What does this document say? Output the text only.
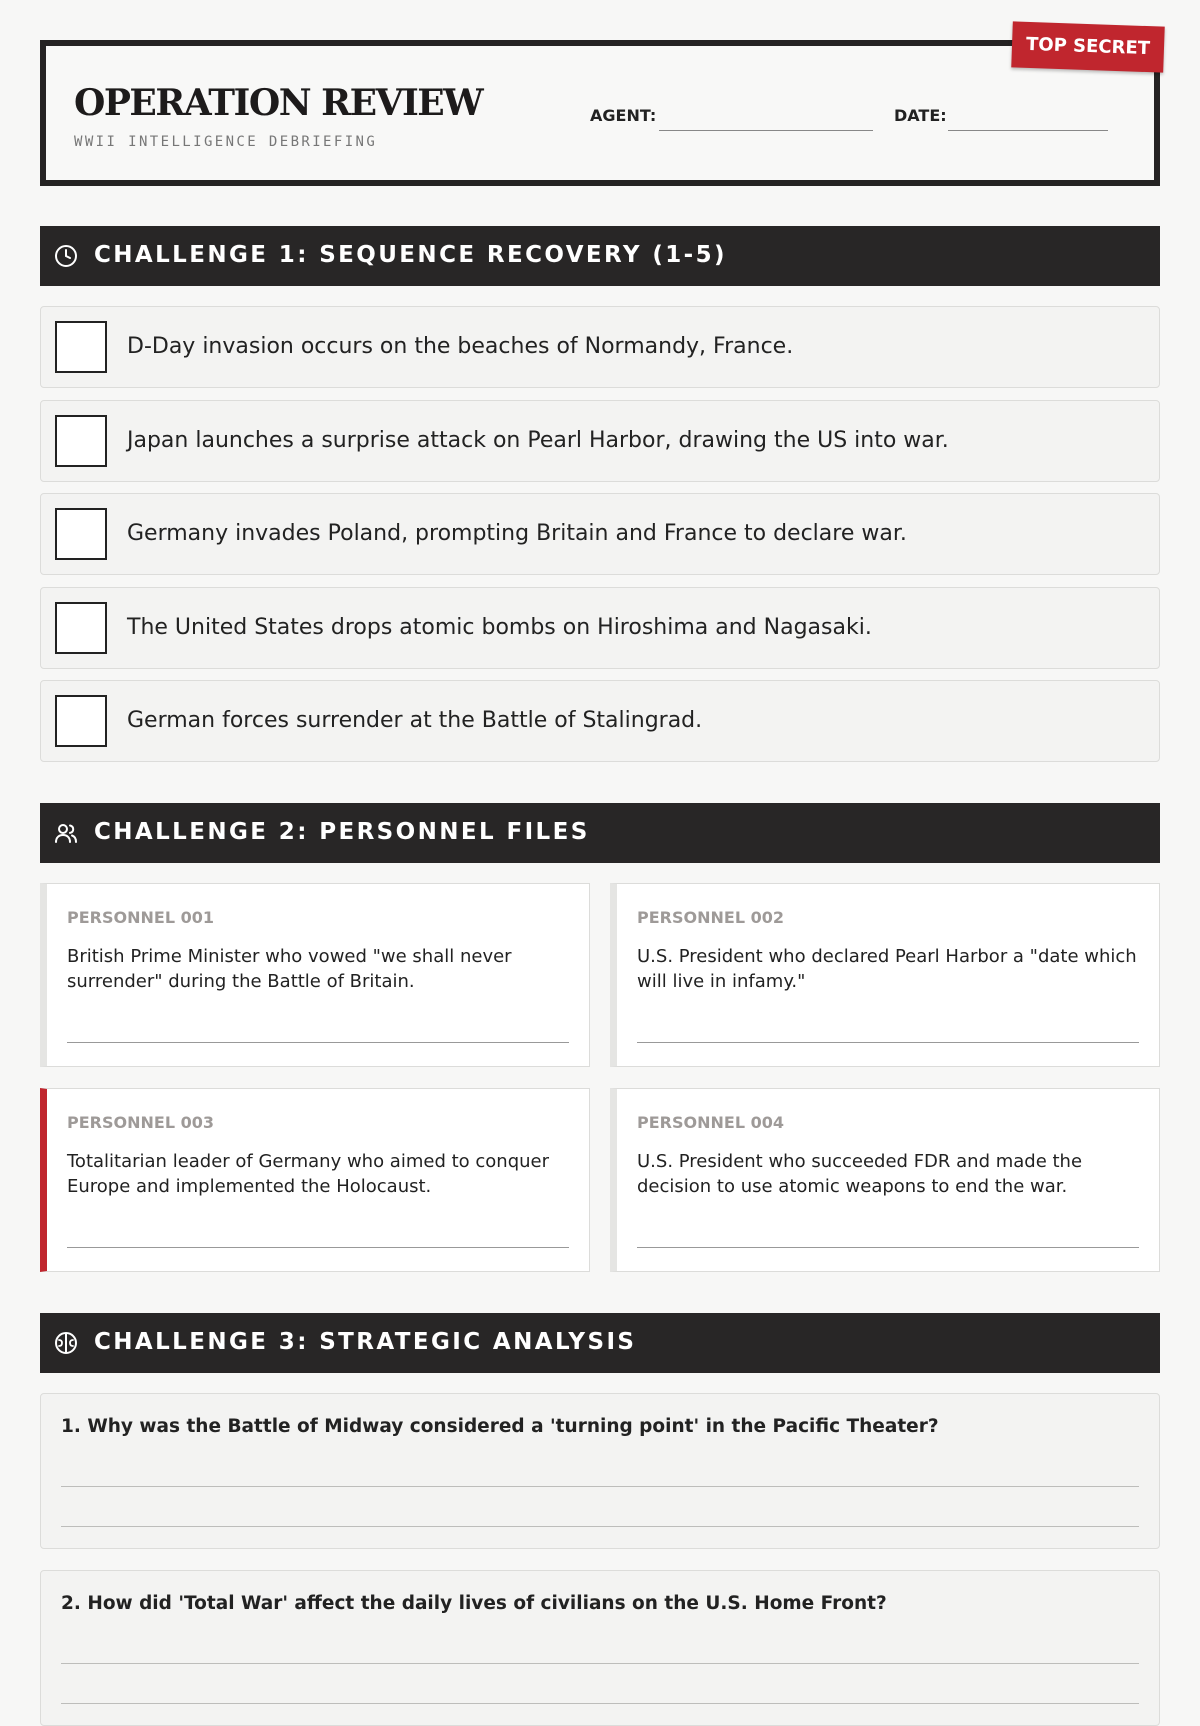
OPERATION REVIEW
WWII INTELLIGENCE DEBRIEFING
AGENT:	DATE:
TOP SECRET
CHALLENGE 1: SEQUENCE RECOVERY (1-5)
D-Day invasion occurs on the beaches of Normandy, France.
Japan launches a surprise attack on Pearl Harbor, drawing the US into war.
Germany invades Poland, prompting Britain and France to declare war.
The United States drops atomic bombs on Hiroshima and Nagasaki.
German forces surrender at the Battle of Stalingrad.
CHALLENGE 2: PERSONNEL FILES
PERSONNEL 001
British Prime Minister who vowed "we shall never surrender" during the Battle of Britain.
PERSONNEL 002
U.S. President who declared Pearl Harbor a "date which will live in infamy."
PERSONNEL 003
Totalitarian leader of Germany who aimed to conquer Europe and implemented the Holocaust.
PERSONNEL 004
U.S. President who succeeded FDR and made the decision to use atomic weapons to end the war.
CHALLENGE 3: STRATEGIC ANALYSIS
1. Why was the Battle of Midway considered a 'turning point' in the Pacific Theater?
2. How did 'Total War' affect the daily lives of civilians on the U.S. Home Front?
